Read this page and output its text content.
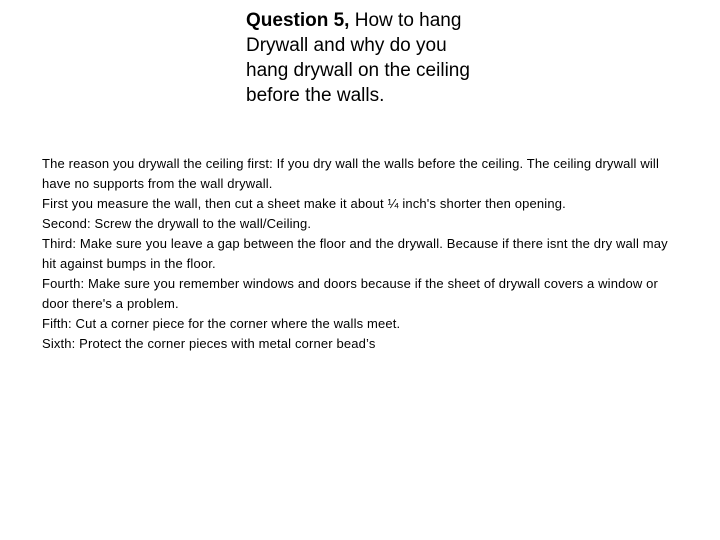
Question 5, How to hang Drywall and why do you hang drywall on the ceiling before the walls.

The reason you drywall the ceiling first: If you dry wall the walls before the ceiling. The ceiling drywall will have no supports from the wall drywall.

First you measure the wall, then cut a sheet make it about ¼ inch's shorter then opening.

Second: Screw the drywall to the wall/Ceiling.

Third: Make sure you leave a gap between the floor and the drywall. Because if there isnt the dry wall may hit against bumps in the floor.

Fourth: Make sure you remember windows and doors because if the sheet of drywall covers a window or door there's a problem.

Fifth: Cut a corner piece for the corner where the walls meet.

Sixth: Protect the corner pieces with metal corner bead’s
